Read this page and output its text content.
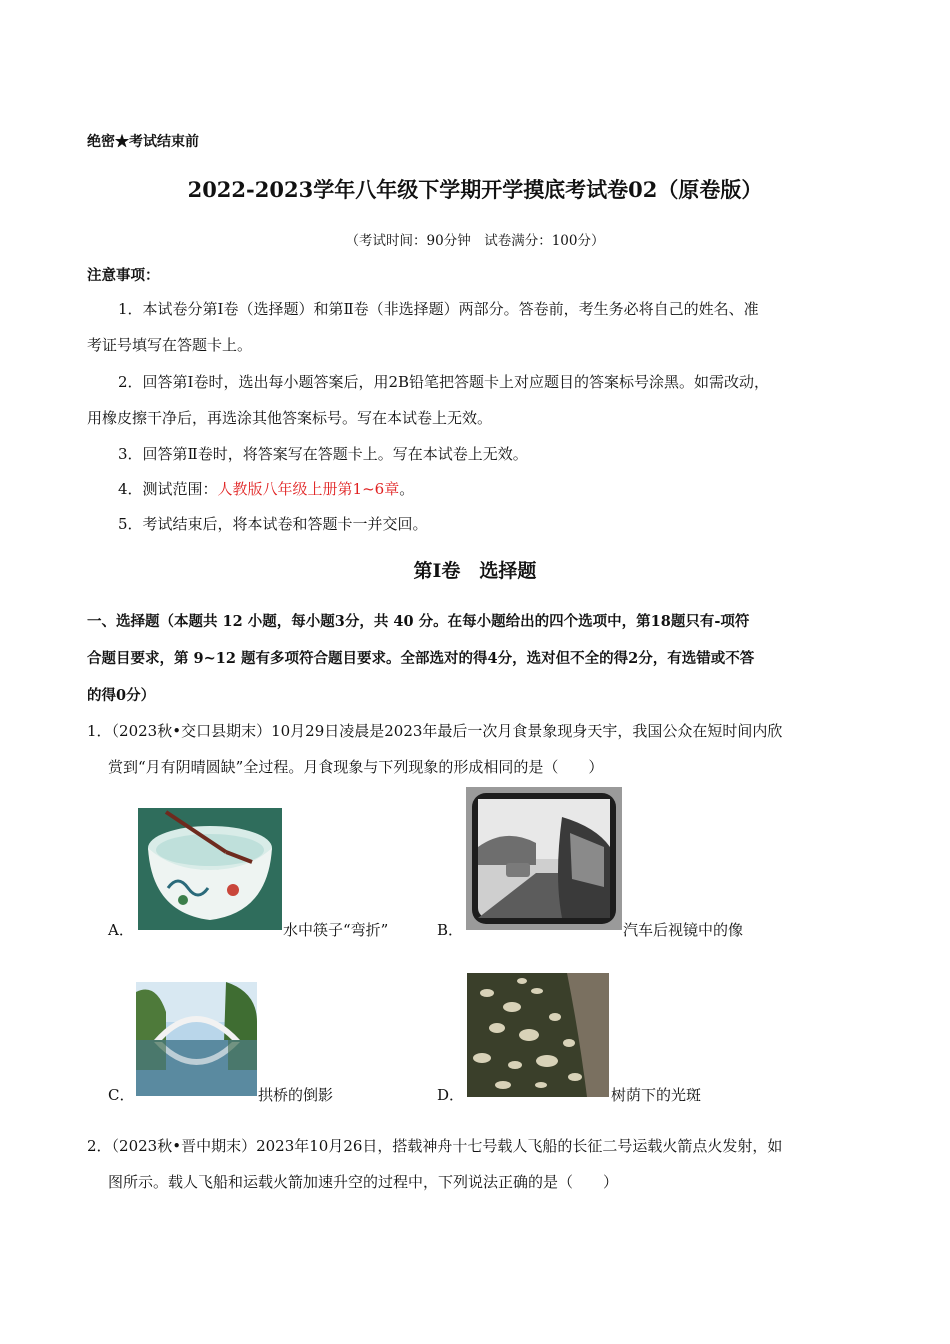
绝密★考试结束前
2022-2023学年八年级下学期开学摸底考试卷02（原卷版）
（考试时间：90分钟　试卷满分：100分）
注意事项：
1．本试卷分第Ⅰ卷（选择题）和第Ⅱ卷（非选择题）两部分。答卷前，考生务必将自己的姓名、准
考证号填写在答题卡上。
2．回答第Ⅰ卷时，选出每小题答案后，用2B铅笔把答题卡上对应题目的答案标号涂黑。如需改动，
用橡皮擦干净后，再选涂其他答案标号。写在本试卷上无效。
3．回答第Ⅱ卷时，将答案写在答题卡上。写在本试卷上无效。
4．测试范围：人教版八年级上册第1~6章。
5．考试结束后，将本试卷和答题卡一并交回。
第Ⅰ卷　选择题
一、选择题（本题共 12 小题，每小题3分，共 40 分。在每小题给出的四个选项中，第18题只有-项符
合题目要求，第 9~12 题有多项符合题目要求。全部选对的得4分，选对但不全的得2分，有选错或不答
的得0分）
1．（2023秋•交口县期末）10月29日凌晨是2023年最后一次月食景象现身天宇，我国公众在短时间内欣
赏到“月有阴晴圆缺”全过程。月食现象与下列现象的形成相同的是（　　）
A．	水中筷子“弯折”	B．	汽车后视镜中的像
C．	拱桥的倒影	D．	树荫下的光斑
2．（2023秋•晋中期末）2023年10月26日，搭载神舟十七号载人飞船的长征二号运载火箭点火发射，如
图所示。载人飞船和运载火箭加速升空的过程中，下列说法正确的是（　　）
